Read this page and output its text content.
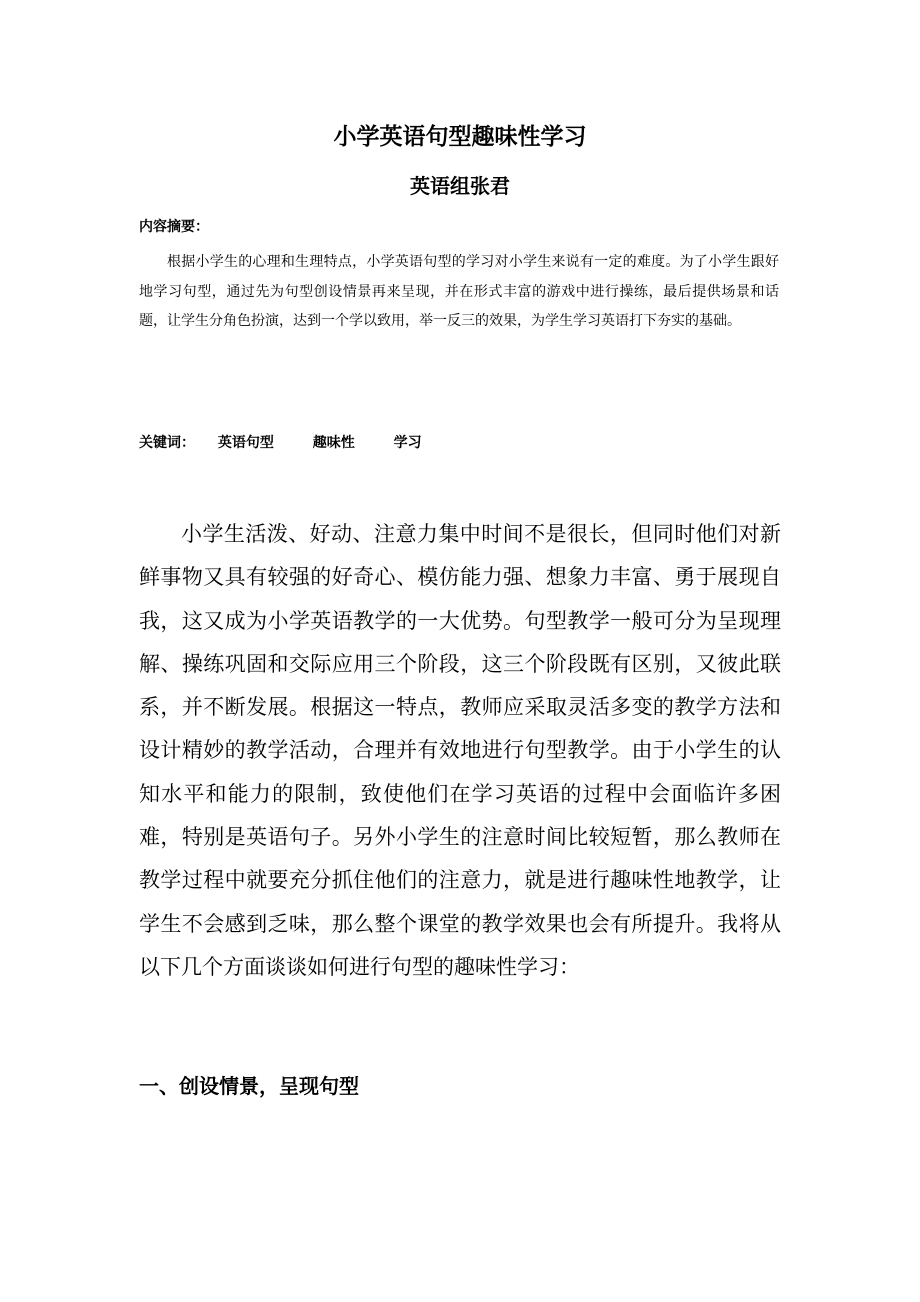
小学英语句型趣味性学习
英语组张君
内容摘要：

根据小学生的心理和生理特点，小学英语句型的学习对小学生来说有一定的难度。为了小学生跟好地学习句型，通过先为句型创设情景再来呈现，并在形式丰富的游戏中进行操练，最后提供场景和话题，让学生分角色扮演，达到一个学以致用，举一反三的效果，为学生学习英语打下夯实的基础。

关键词： 英语句型	趣味性	学习

小学生活泼、好动、注意力集中时间不是很长，但同时他们对新鲜事物又具有较强的好奇心、模仿能力强、想象力丰富、勇于展现自我，这又成为小学英语教学的一大优势。句型教学一般可分为呈现理解、操练巩固和交际应用三个阶段，这三个阶段既有区别，又彼此联系，并不断发展。根据这一特点，教师应采取灵活多变的教学方法和设计精妙的教学活动，合理并有效地进行句型教学。由于小学生的认知水平和能力的限制，致使他们在学习英语的过程中会面临许多困难，特别是英语句子。另外小学生的注意时间比较短暂，那么教师在教学过程中就要充分抓住他们的注意力，就是进行趣味性地教学，让学生不会感到乏味，那么整个课堂的教学效果也会有所提升。我将从以下几个方面谈谈如何进行句型的趣味性学习：

一、创设情景，呈现句型
